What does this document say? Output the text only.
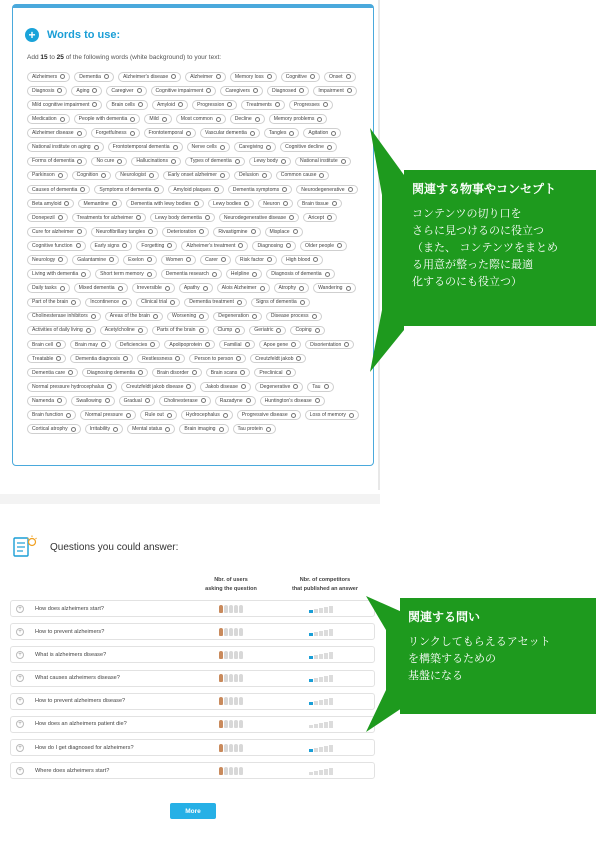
+	Words to use:
Add 15 to 25 of the following words (white background) to your text:
Alzheimers	Dementia	Alzheimer's disease	Alzheimer	Memory loss	Cognitive	Onset
Diagnosis	Aging	Caregiver	Cognitive impairment	Caregivers	Diagnosed	Impairment
Mild cognitive impairment	Brain cells	Amyloid	Progression	Treatments	Progresses
Medication	People with dementia	Mild	Most common	Decline	Memory problems
Alzheimer disease	Forgetfulness	Frontotemporal	Vascular dementia	Tangles	Agitation
National institute on aging	Frontotemporal dementia	Nerve cells	Caregiving	Cognitive decline
Forms of dementia	No cure	Hallucinations	Types of dementia	Lewy body	National institute
Parkinson	Cognition	Neurologist	Early onset alzheimer	Delusion	Common cause
Causes of dementia	Symptoms of dementia	Amyloid plaques	Dementia symptoms	Neurodegenerative
Beta amyloid	Memantine	Dementia with lewy bodies	Lewy bodies	Neuron	Brain tissue
Donepezil	Treatments for alzheimer	Lewy body dementia	Neurodegenerative disease	Aricept
Cure for alzheimer	Neurofibrillary tangles	Deterioration	Rivastigmine	Misplace
Cognitive function	Early signs	Forgetting	Alzheimer's treatment	Diagnosing	Older people
Neurology	Galantamine	Exelon	Women	Carer	Risk factor	High blood
Living with dementia	Short term memory	Dementia research	Helpline	Diagnosis of dementia
Daily tasks	Mixed dementia	Irreversible	Apathy	Alois Alzheimer	Atrophy	Wandering
Part of the brain	Incontinence	Clinical trial	Dementia treatment	Signs of dementia
Cholinesterase inhibitors	Areas of the brain	Worsening	Degeneration	Disease process
Activities of daily living	Acetylcholine	Parts of the brain	Clump	Geriatric	Coping
Brain cell	Brain may	Deficiencies	Apolipoprotein	Familial	Apoe gene	Disorientation
Treatable	Dementia diagnosis	Restlessness	Person to person	Creutzfeldt jakob
Dementia care	Diagnosing dementia	Brain disorder	Brain scans	Preclinical
Normal pressure hydrocephalus	Creutzfeldt jakob disease	Jakob disease	Degenerative	Tau
Namenda	Swallowing	Gradual	Cholinesterase	Razadyne	Huntington's disease
Brain function	Normal pressure	Rule out	Hydrocephalus	Progressive disease	Loss of memory
Cortical atrophy	Irritability	Mental status	Brain imaging	Tau protein
Questions you could answer:
Nbr. of users
asking the question
Nbr. of competitors
that published an answer
+	How does alzheimers start?
+	How to prevent alzheimers?
+	What is alzheimers disease?
+	What causes alzheimers disease?
+	How to prevent alzheimers disease?
+	How does an alzheimers patient die?
+	How do I get diagnosed for alzheimers?
+	Where does alzheimers start?
More
関連する物事やコンセプト
コンテンツの切り口を
さらに見つけるのに役立つ
（また、 コンテンツをまとめ
る用意が整った際に最適
化するのにも役立つ）
関連する問い
リンクしてもらえるアセット
を構築するための
基盤になる
